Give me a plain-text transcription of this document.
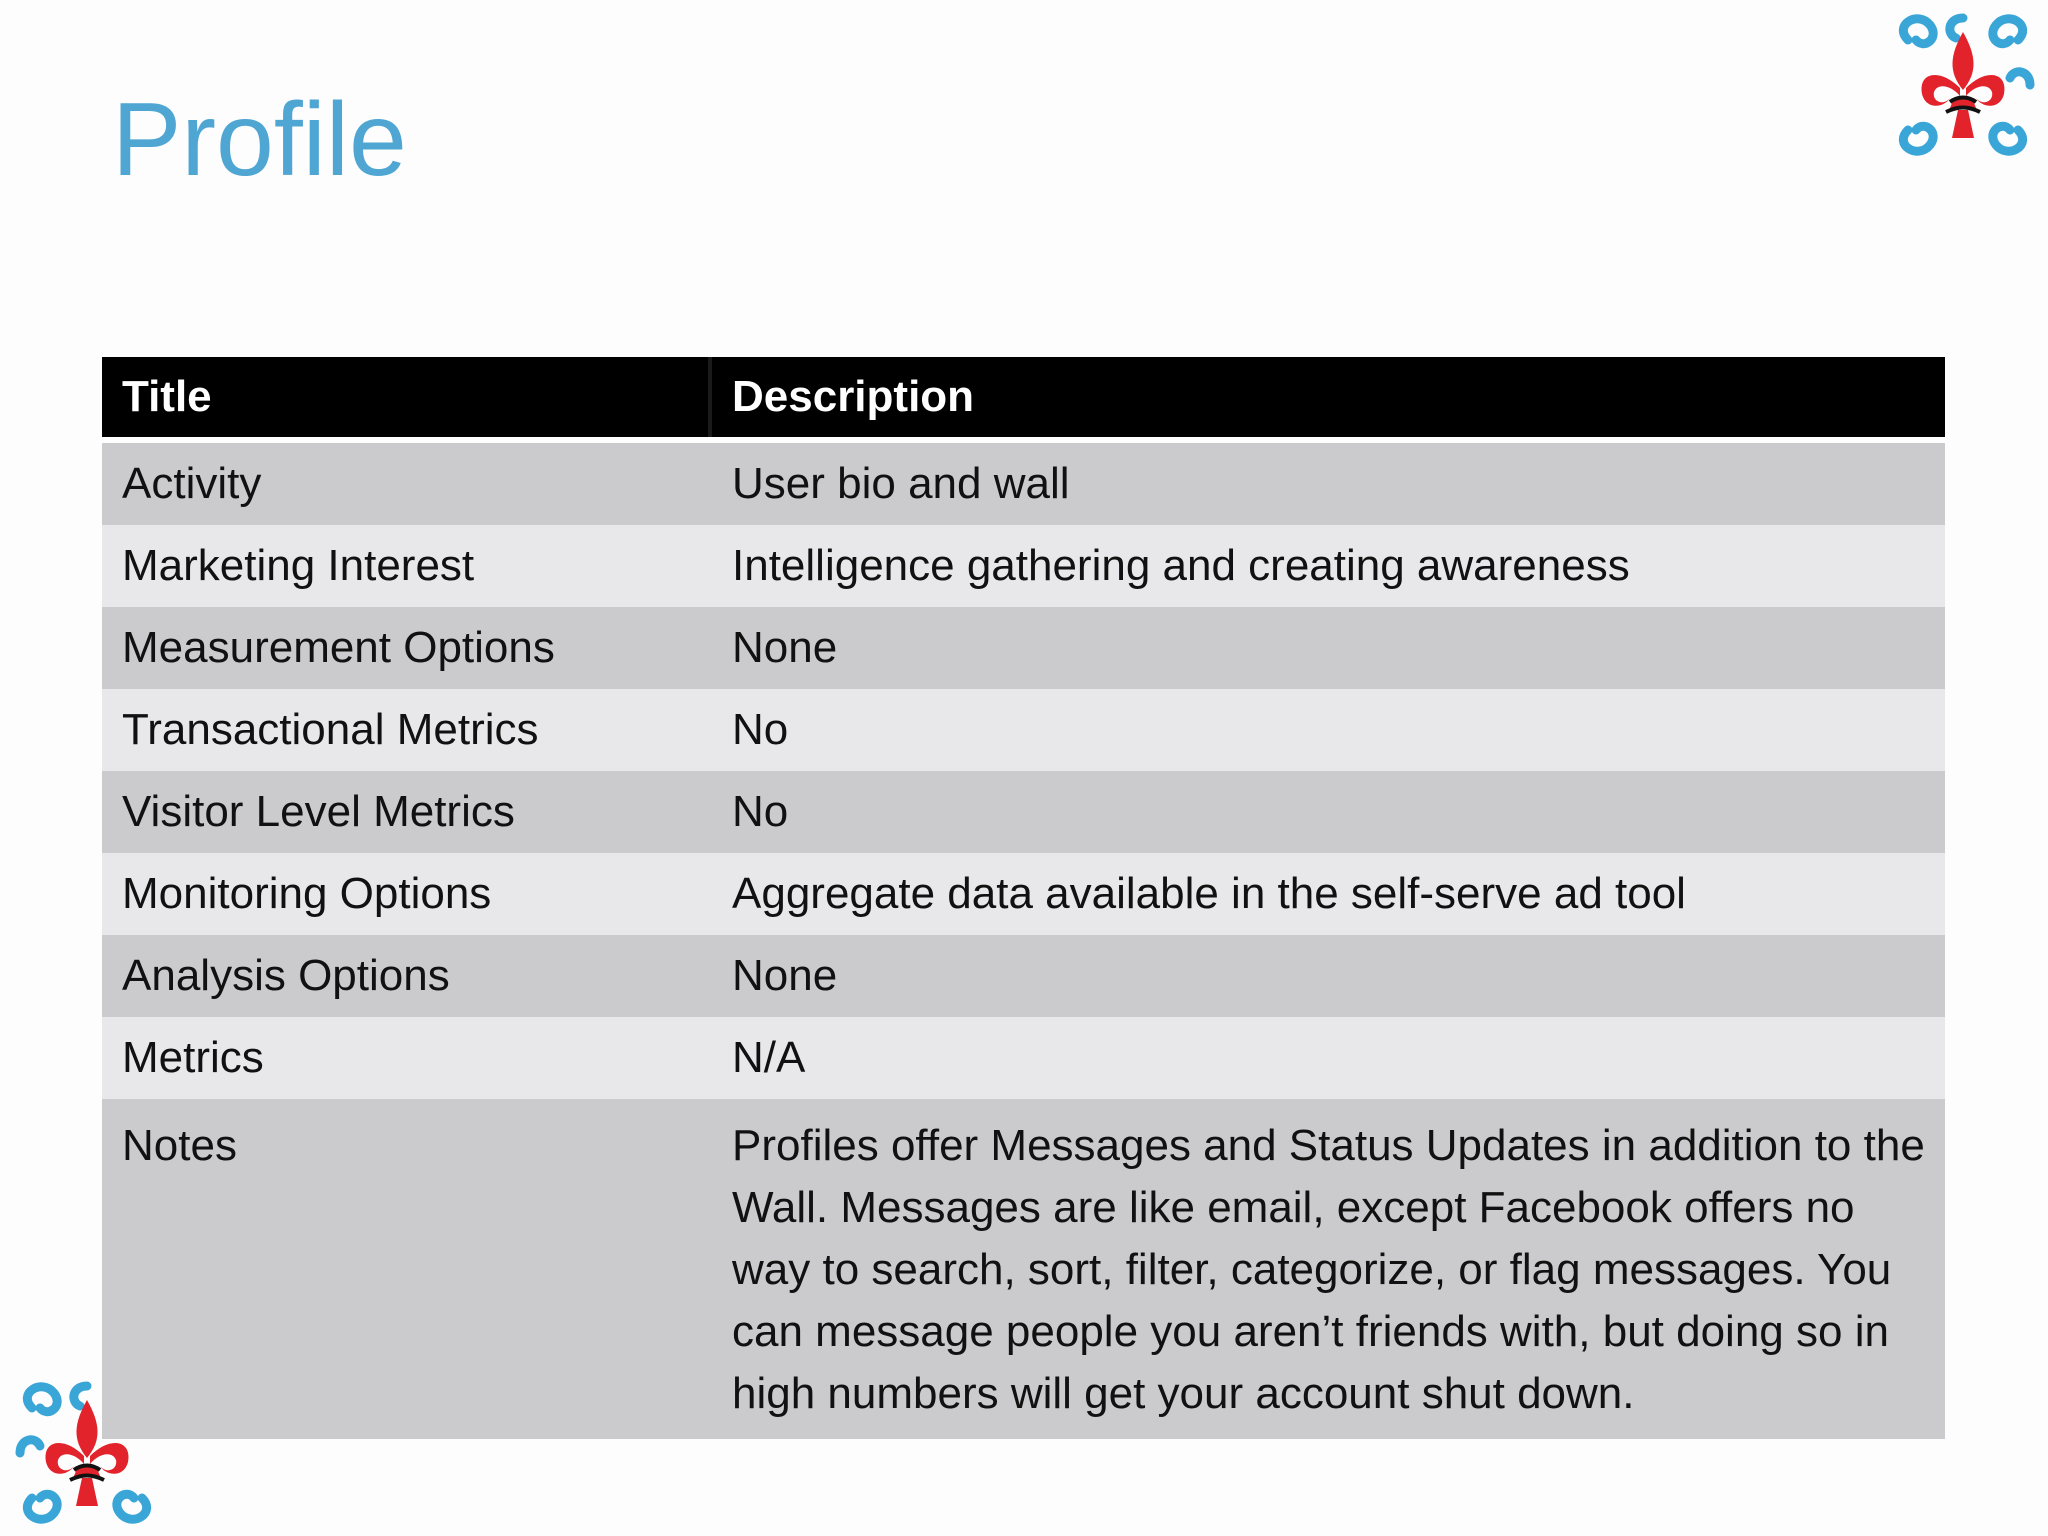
Profile
Title	Description
Activity	User bio and wall
Marketing Interest	Intelligence gathering and creating awareness
Measurement Options	None
Transactional Metrics	No
Visitor Level Metrics	No
Monitoring Options	Aggregate data available in the self-serve ad tool
Analysis Options	None
Metrics	N/A
Notes	Profiles offer Messages and Status Updates in addition to the Wall. Messages are like email, except Facebook offers no way to search, sort, filter, categorize, or flag messages. You can message people you aren’t friends with, but doing so in high numbers will get your account shut down.
